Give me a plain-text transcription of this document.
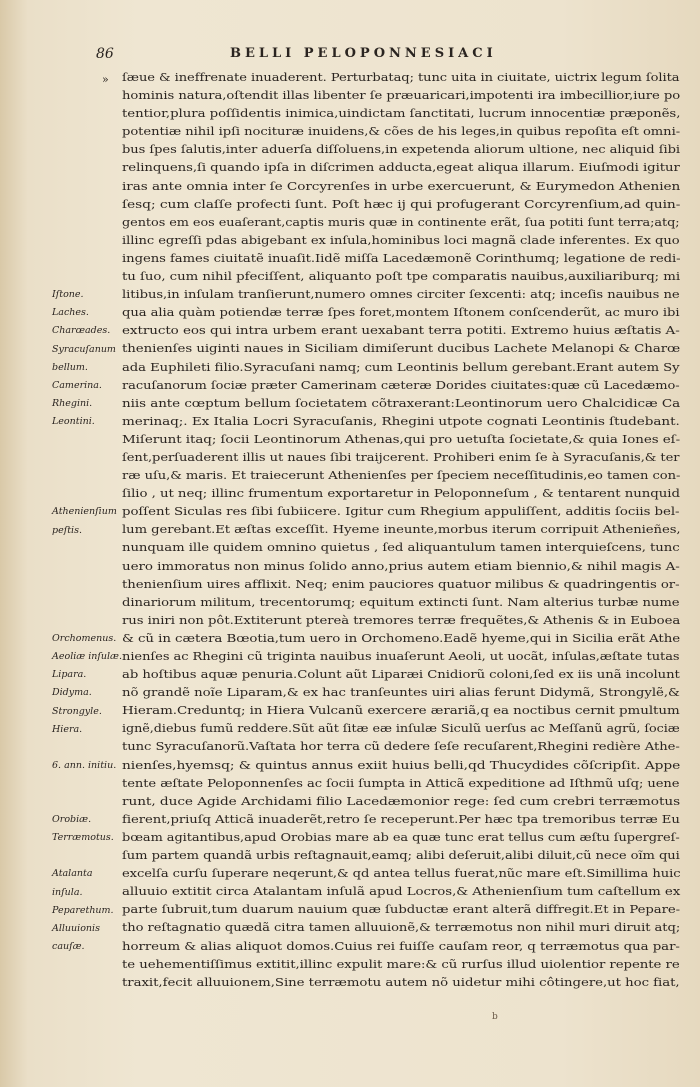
86	BELLI PELOPONNESIACI
»
Iſtone.
Laches.
Charœades.
Syracuſanum
bellum.
Camerina.
Rhegini.
Leontini.
Athenienſium
peſtis.
Orchomenus.
Aeoliæ inſulæ.
Lipara.
Didyma.
Strongyle.
Hiera.
6. ann. initiu.
Orobiæ.
Terræmotus.
Atalanta
inſula.
Peparethum.
Alluuionis
cauſæ.
ſæue & ineffrenate inuaderent. Perturbataq; tunc uita in ciuitate, uictrix legum ſolita
hominis natura,oſtendit illas libenter ſe præuaricari,impotenti ira imbecillior,iure po
tentior,plura poſſidentis inimica,uindictam ſanctitati, lucrum innocentiæ præponẽs,
potentiæ nihil ipſi nocituræ inuidens,& cões de his leges,in quibus repoſita eſt omni-
bus ſpes ſalutis,inter aduerſa diſſoluens,in expetenda aliorum ultione, nec aliquid ſibi
relinquens,ſi quando ipſa in diſcrimen adducta,egeat aliqua illarum. Eiuſmodi igitur
iras ante omnia inter ſe Corcyrenſes in urbe exercuerunt, & Eurymedon Athenien
ſesq; cum claſſe profecti ſunt. Poſt hæc ij qui profugerant Corcyrenſium,ad quin-
gentos em eos euaſerant,captis muris quæ in continente erãt, ſua potiti ſunt terra;atq;
illinc egreſſi pdas abigebant ex inſula,hominibus loci magnã clade inferentes. Ex quo
ingens fames ciuitatẽ inuaſit.Iidẽ miſſa Lacedæmonẽ Corinthumq; legatione de redi-
tu ſuo, cum nihil pfeciſſent, aliquanto poſt tpe comparatis nauibus,auxiliariburq; mi
litibus,in inſulam tranſierunt,numero omnes circiter ſexcenti: atq; inceſis nauibus ne
qua alia quàm potiendæ terræ ſpes foret,montem Iſtonem conſcenderũt, ac muro ibi
extructo eos qui intra urbem erant uexabant terra potiti. Extremo huius æſtatis A-
thenienſes uiginti naues in Siciliam dimiſerunt ducibus Lachete Melanopi & Charœ
ada Euphileti filio.Syracuſani namq; cum Leontinis bellum gerebant.Erant autem Sy
racuſanorum ſociæ præter Camerinam cæteræ Dorides ciuitates:quæ cũ Lacedæmo-
niis ante cœptum bellum ſocietatem cõtraxerant:Leontinorum uero Chalcidicæ Ca
merinaq;. Ex Italia Locri Syracuſanis, Rhegini utpote cognati Leontinis ſtudebant.
Miſerunt itaq; ſocii Leontinorum Athenas,qui pro uetuſta ſocietate,& quia Iones eſ-
ſent,perſuaderent illis ut naues ſibi traijcerent. Prohiberi enim ſe à Syracuſanis,& ter
ræ uſu,& maris. Et traiecerunt Athenienſes per ſpeciem neceſſitudinis,eo tamen con-
ſilio , ut neq; illinc frumentum exportaretur in Peloponneſum , & tentarent nunquid
poſſent Siculas res ſibi ſubiicere. Igitur cum Rhegium appuliſſent, additis ſociis bel-
lum gerebant.Et æſtas exceſſit. Hyeme ineunte,morbus iterum corripuit Athenieñes,
nunquam ille quidem omnino quietus , ſed aliquantulum tamen interquieſcens, tunc
uero immoratus non minus ſolido anno,prius autem etiam biennio,& nihil magis A-
thenienſium uires afflixit. Neq; enim pauciores quatuor milibus & quadringentis or-
dinariorum militum, trecentorumq; equitum extincti ſunt. Nam alterius turbæ nume
rus iniri non pôt.Extiterunt ptereà tremores terræ frequẽtes,& Athenis & in Euboea
& cũ in cætera Bœotia,tum uero in Orchomeno.Eadẽ hyeme,qui in Sicilia erãt Athe
nienſes ac Rhegini cũ triginta nauibus inuaſerunt Aeoli, ut uocãt, inſulas,æſtate tutas
ab hoſtibus aquæ penuria.Colunt aũt Liparæi Cnidiorũ coloni,ſed ex iis unã incolunt
nõ grandẽ noĩe Liparam,& ex hac tranſeuntes uiri alias ferunt Didymã, Strongylẽ,&
Hieram.Creduntq; in Hiera Vulcanũ exercere ærariã,q ea noctibus cernit pmultum
ignẽ,diebus fumũ reddere.Sũt aũt ſitæ eæ inſulæ Siculũ uerſus ac Meſſanũ agrũ, ſociæ
tunc Syracuſanorũ.Vaſtata hor terra cũ dedere ſeſe recuſarent,Rhegini redière Athe-
nienſes,hyemsq; & quintus annus exiit huius belli,qd Thucydides cõſcripſit. Appe
tente æſtate Peloponnenſes ac ſocii ſumpta in Atticã expeditione ad Iſthmũ uſq; uene
runt, duce Agide Archidami filio Lacedæmonior rege: ſed cum crebri terræmotus
fierent,priuſq Atticã inuaderẽt,retro ſe receperunt.Per hæc tpa tremoribus terræ Eu
bœam agitantibus,apud Orobias mare ab ea quæ tunc erat tellus cum æſtu ſupergreſ-
ſum partem quandã urbis reſtagnauit,eamq; alibi deſeruit,alibi diluit,cũ nece oĩm qui
excelſa curſu ſuperare neqerunt,& qd antea tellus fuerat,nũc mare eſt.Simillima huic
alluuio extitit circa Atalantam inſulã apud Locros,& Athenienſium tum caſtellum ex
parte ſubruit,tum duarum nauium quæ ſubductæ erant alterã diffregit.Et in Pepare-
tho reſtagnatio quædã citra tamen alluuionẽ,& terræmotus non nihil muri diruit atq;
horreum & alias aliquot domos.Cuius rei fuiſſe cauſam reor, q terræmotus qua par-
te uehementiſſimus extitit,illinc expulit mare:& cũ rurſus illud uiolentior repente re
traxit,fecit alluuionem,Sine terræmotu autem nõ uidetur mihi côtingere,ut hoc fiat,
b
